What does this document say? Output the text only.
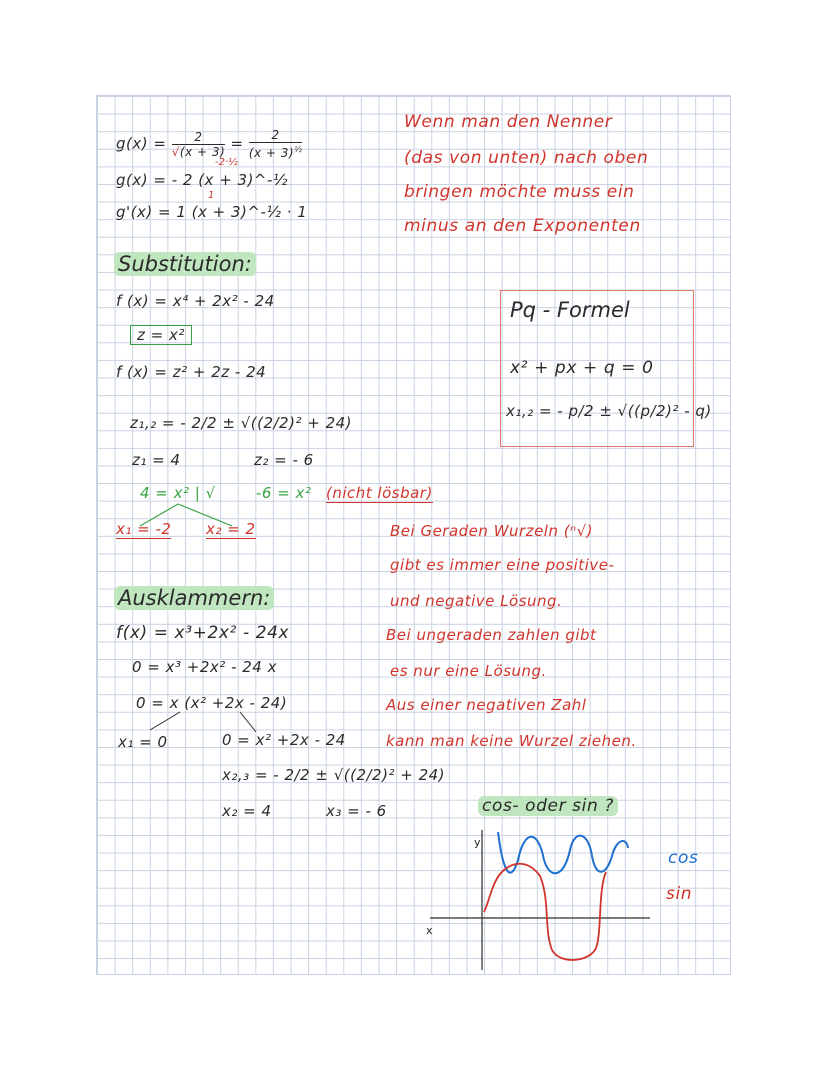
$g(x) = \frac{2}{√(x + 3)} = \frac{2}{(x + 3)^{\frac{1}{2}}}$
-2·½
g(x) = - 2 (x + 3)^-½
1
g'(x) = 1 (x + 3)^-½ · 1
Wenn man den Nenner
(das von unten) nach oben
bringen möchte muss ein
minus an den Exponenten
Substitution:
f (x) = x⁴ + 2x² - 24
z = x²
f (x) = z² + 2z - 24
z₁,₂ = - 2/2 ± √((2/2)² + 24)
z₁ = 4	z₂ = - 6
4 = x² | √	-6 = x² (nicht lösbar)
x₁ = -2 x₂ = 2
Pq - Formel
x² + px + q = 0
x₁,₂ = - p/2 ± √((p/2)² - q)
Bei Geraden Wurzeln (ⁿ√)
gibt es immer eine positive-
und negative Lösung.
Bei ungeraden zahlen gibt
es nur eine Lösung.
Aus einer negativen Zahl
kann man keine Wurzel ziehen.
Ausklammern:
f(x) = x³+2x² - 24x
0 = x³ +2x² - 24 x
0 = x (x² +2x - 24)
x₁ = 0	0 = x² +2x - 24
x₂,₃ = - 2/2 ± √((2/2)² + 24)
x₂ = 4	x₃ = - 6	cos- oder sin ?
cos
sin
x
y
